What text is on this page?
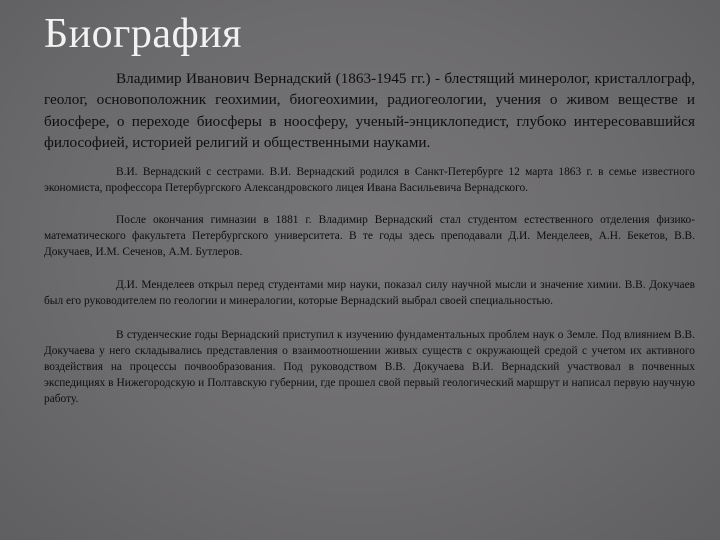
Биография

Владимир Иванович Вернадский (1863-1945 гг.) - блестящий минеролог, кристаллограф, геолог, основоположник геохимии, биогеохимии, радиогеологии, учения о живом веществе и биосфере, о переходе биосферы в ноосферу, ученый-энциклопедист, глубоко интересовавшийся философией, историей религий и общественными науками.

В.И. Вернадский с сестрами. В.И. Вернадский родился в Санкт-Петербурге 12 марта 1863 г. в семье известного экономиста, профессора Петербургского Александровского лицея Ивана Васильевича Вернадского.

После окончания гимназии в 1881 г. Владимир Вернадский стал студентом естественного отделения физико-математического факультета Петербургского университета. В те годы здесь преподавали Д.И. Менделеев, А.Н. Бекетов, В.В. Докучаев, И.М. Сеченов, А.М. Бутлеров.

Д.И. Менделеев открыл перед студентами мир науки, показал силу научной мысли и значение химии. В.В. Докучаев был его руководителем по геологии и минералогии, которые Вернадский выбрал своей специальностью.

В студенческие годы Вернадский приступил к изучению фундаментальных проблем наук о Земле. Под влиянием В.В. Докучаева у него складывались представления о взаимоотношении живых существ с окружающей средой с учетом их активного воздействия на процессы почвообразования. Под руководством В.В. Докучаева В.И. Вернадский участвовал в почвенных экспедициях в Нижегородскую и Полтавскую губернии, где прошел свой первый геологический маршрут и написал первую научную работу.
